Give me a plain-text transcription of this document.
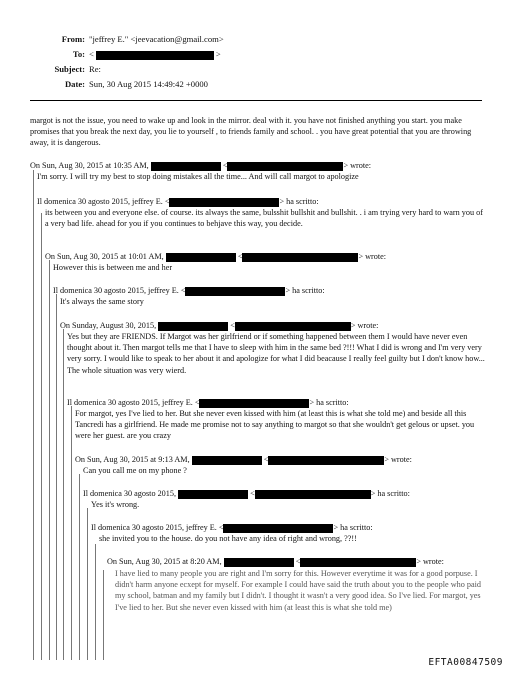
From: "jeffrey E." <jeevacation@gmail.com>
To: <	>
Subject: Re:
Date: Sun, 30 Aug 2015 14:49:42 +0000
margot is not the issue, you need to wake up and look in the mirror. deal with it. you have not finished anything you start. you make promises that you break the next day, you lie to yourself , to friends family and school. . you have great potential that you are throwing away, it is dangerous.
On Sun, Aug 30, 2015 at 10:35 AM,	<	> wrote:
I'm sorry. I will try my best to stop doing mistakes all the time... And will call margot to apologize
Il domenica 30 agosto 2015, jeffrey E. <	> ha scritto:
its between you and everyone else. of course. its always the same, bulsshit bullshit and bullshit. . i am trying very hard to warn you of a very bad life. ahead for you if you continues to behjave this way, you decide.
On Sun, Aug 30, 2015 at 10:01 AM,	<	> wrote:
However this is between me and her
Il domenica 30 agosto 2015, jeffrey E. <	> ha scritto:
It's always the same story
On Sunday, August 30, 2015,	<	> wrote:
Yes but they are FRIENDS. If Margot was her girlfriend or if something happened between them I would have never even thought about it. Then margot tells me that I have to sleep with him in the same bed ?!!! What I did is wrong and I'm very very very sorry. I would like to speak to her about it and apologize for what I did beacause I really feel guilty but I don't know how... The whole situation was very wierd.
Il domenica 30 agosto 2015, jeffrey E. <	> ha scritto:
For margot, yes I've lied to her. But she never even kissed with him (at least this is what she told me) and beside all this Tancredi has a girlfriend. He made me promise not to say anything to margot so that she wouldn't get gelous or upset. you were her guest. are you crazy
On Sun, Aug 30, 2015 at 9:13 AM,	<	> wrote:
Can you call me on my phone ?
Il domenica 30 agosto 2015,	<	> ha scritto:
Yes it's wrong.
Il domenica 30 agosto 2015, jeffrey E. <	> ha scritto:
she invited you to the house. do you not have any idea of right and wrong, ??!!
On Sun, Aug 30, 2015 at 8:20 AM,	<	> wrote:
I have lied to many people you are right and I'm sorry for this. However everytime it was for a good porpuse. I didn't harm anyone ecxept for myself. For example I could have said the truth about you to the people who paid my school, batman and my family but I didn't. I thought it wasn't a very good idea. So I've lied. For margot, yes I've lied to her. But she never even kissed with him (at least this is what she told me)
EFTA00847509
